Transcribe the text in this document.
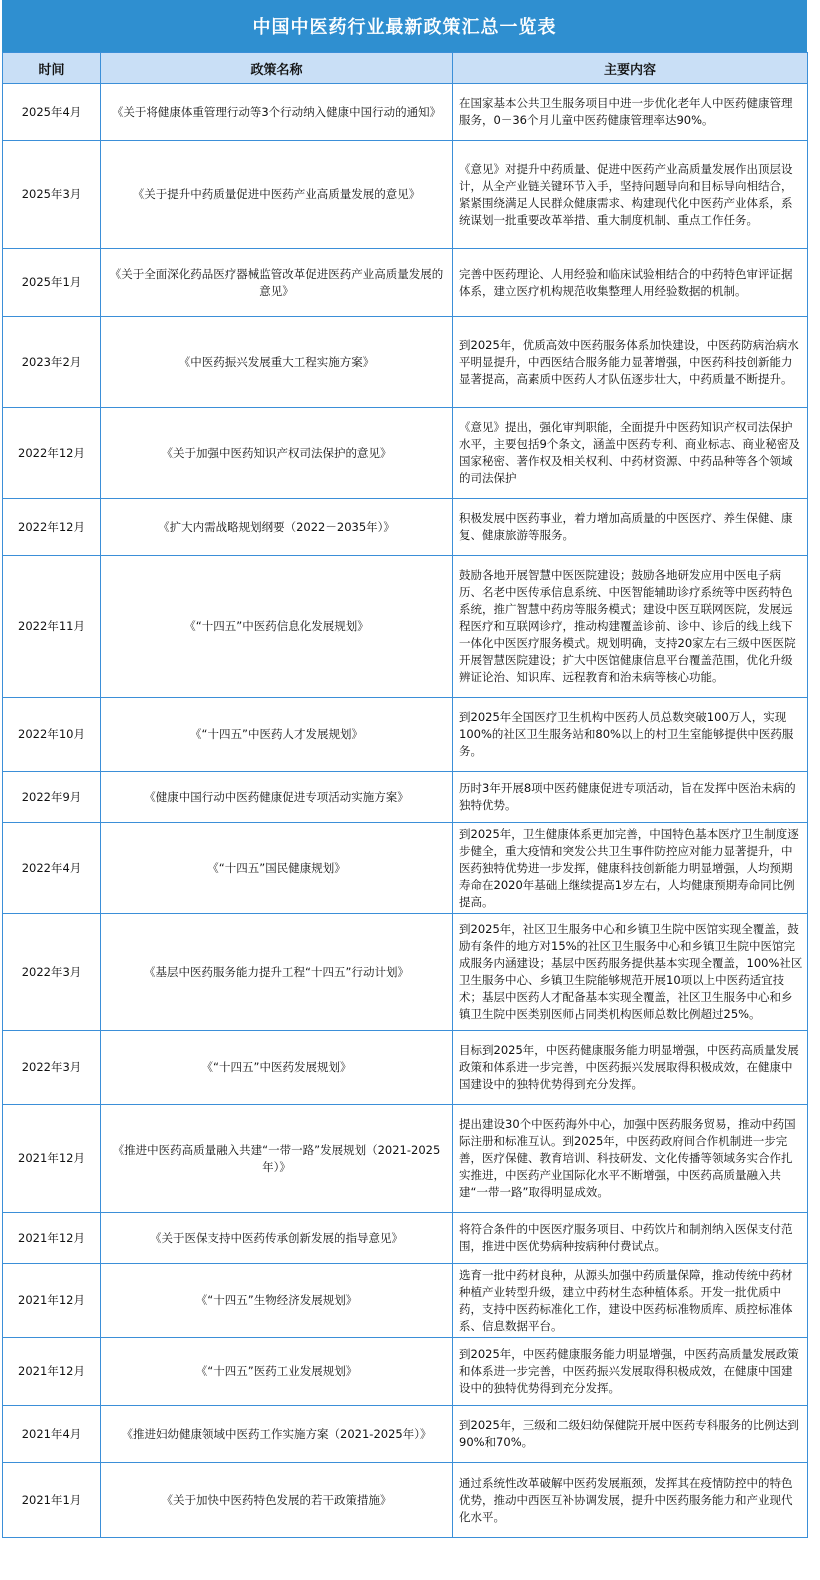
中国中医药行业最新政策汇总一览表
时间	政策名称	主要内容
2025年4月	《关于将健康体重管理行动等3个行动纳入健康中国行动的通知》	在国家基本公共卫生服务项目中进一步优化老年人中医药健康管理服务，0－36个月儿童中医药健康管理率达90%。
2025年3月	《关于提升中药质量促进中医药产业高质量发展的意见》	《意见》对提升中药质量、促进中医药产业高质量发展作出顶层设计，从全产业链关键环节入手，坚持问题导向和目标导向相结合，紧紧围绕满足人民群众健康需求、构建现代化中医药产业体系，系统谋划一批重要改革举措、重大制度机制、重点工作任务。
2025年1月	《关于全面深化药品医疗器械监管改革促进医药产业高质量发展的意见》	完善中医药理论、人用经验和临床试验相结合的中药特色审评证据体系，建立医疗机构规范收集整理人用经验数据的机制。
2023年2月	《中医药振兴发展重大工程实施方案》	到2025年，优质高效中医药服务体系加快建设，中医药防病治病水平明显提升，中西医结合服务能力显著增强，中医药科技创新能力显著提高，高素质中医药人才队伍逐步壮大，中药质量不断提升。
2022年12月	《关于加强中医药知识产权司法保护的意见》	《意见》提出，强化审判职能，全面提升中医药知识产权司法保护水平，主要包括9个条文，涵盖中医药专利、商业标志、商业秘密及国家秘密、著作权及相关权利、中药材资源、中药品种等各个领域的司法保护
2022年12月	《扩大内需战略规划纲要（2022－2035年）》	积极发展中医药事业，着力增加高质量的中医医疗、养生保健、康复、健康旅游等服务。
2022年11月	《“十四五”中医药信息化发展规划》	鼓励各地开展智慧中医医院建设；鼓励各地研发应用中医电子病历、名老中医传承信息系统、中医智能辅助诊疗系统等中医药特色系统，推广智慧中药房等服务模式；建设中医互联网医院，发展远程医疗和互联网诊疗，推动构建覆盖诊前、诊中、诊后的线上线下一体化中医医疗服务模式。规划明确，支持20家左右三级中医医院开展智慧医院建设；扩大中医馆健康信息平台覆盖范围，优化升级辨证论治、知识库、远程教育和治未病等核心功能。
2022年10月	《“十四五”中医药人才发展规划》	到2025年全国医疗卫生机构中医药人员总数突破100万人，实现100%的社区卫生服务站和80%以上的村卫生室能够提供中医药服务。
2022年9月	《健康中国行动中医药健康促进专项活动实施方案》	历时3年开展8项中医药健康促进专项活动，旨在发挥中医治未病的独特优势。
2022年4月	《“十四五”国民健康规划》	到2025年，卫生健康体系更加完善，中国特色基本医疗卫生制度逐步健全，重大疫情和突发公共卫生事件防控应对能力显著提升，中医药独特优势进一步发挥，健康科技创新能力明显增强，人均预期寿命在2020年基础上继续提高1岁左右，人均健康预期寿命同比例提高。
2022年3月	《基层中医药服务能力提升工程“十四五”行动计划》	到2025年，社区卫生服务中心和乡镇卫生院中医馆实现全覆盖，鼓励有条件的地方对15%的社区卫生服务中心和乡镇卫生院中医馆完成服务内涵建设；基层中医药服务提供基本实现全覆盖，100%社区卫生服务中心、乡镇卫生院能够规范开展10项以上中医药适宜技术；基层中医药人才配备基本实现全覆盖，社区卫生服务中心和乡镇卫生院中医类别医师占同类机构医师总数比例超过25%。
2022年3月	《“十四五”中医药发展规划》	目标到2025年，中医药健康服务能力明显增强，中医药高质量发展政策和体系进一步完善，中医药振兴发展取得积极成效，在健康中国建设中的独特优势得到充分发挥。
2021年12月	《推进中医药高质量融入共建“一带一路”发展规划（2021-2025年）》	提出建设30个中医药海外中心，加强中医药服务贸易，推动中药国际注册和标准互认。到2025年，中医药政府间合作机制进一步完善，医疗保健、教育培训、科技研发、文化传播等领域务实合作扎实推进，中医药产业国际化水平不断增强，中医药高质量融入共建“一带一路”取得明显成效。
2021年12月	《关于医保支持中医药传承创新发展的指导意见》	将符合条件的中医医疗服务项目、中药饮片和制剂纳入医保支付范围，推进中医优势病种按病种付费试点。
2021年12月	《“十四五”生物经济发展规划》	选育一批中药材良种，从源头加强中药质量保障，推动传统中药材种植产业转型升级，建立中药材生态种植体系。开发一批优质中药，支持中医药标准化工作，建设中医药标准物质库、质控标准体系、信息数据平台。
2021年12月	《“十四五”医药工业发展规划》	到2025年，中医药健康服务能力明显增强，中医药高质量发展政策和体系进一步完善，中医药振兴发展取得积极成效，在健康中国建设中的独特优势得到充分发挥。
2021年4月	《推进妇幼健康领域中医药工作实施方案（2021-2025年）》	到2025年，三级和二级妇幼保健院开展中医药专科服务的比例达到90%和70%。
2021年1月	《关于加快中医药特色发展的若干政策措施》	通过系统性改革破解中医药发展瓶颈，发挥其在疫情防控中的特色优势，推动中西医互补协调发展，提升中医药服务能力和产业现代化水平。
